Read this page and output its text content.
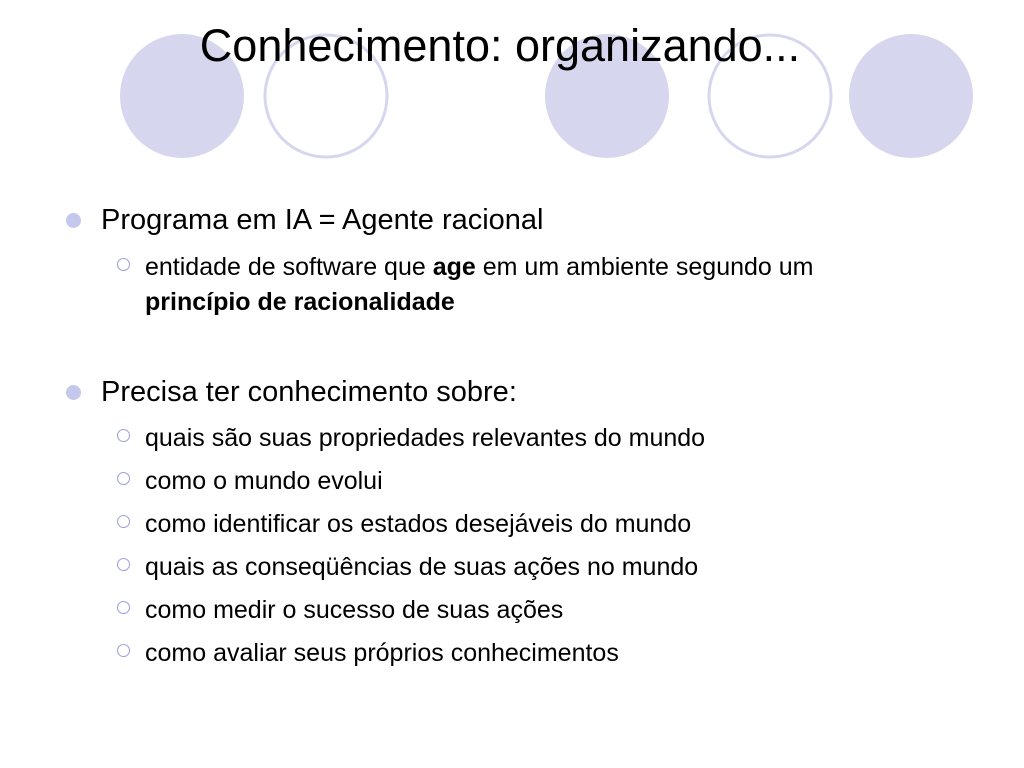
Conhecimento: organizando...
Programa em IA = Agente racional
entidade de software que age em um ambiente segundo um
princípio de racionalidade
Precisa ter conhecimento sobre:
quais são suas propriedades relevantes do mundo
como o mundo evolui
como identificar os estados desejáveis do mundo
quais as conseqüências de suas ações no mundo
como medir o sucesso de suas ações
como avaliar seus próprios conhecimentos
